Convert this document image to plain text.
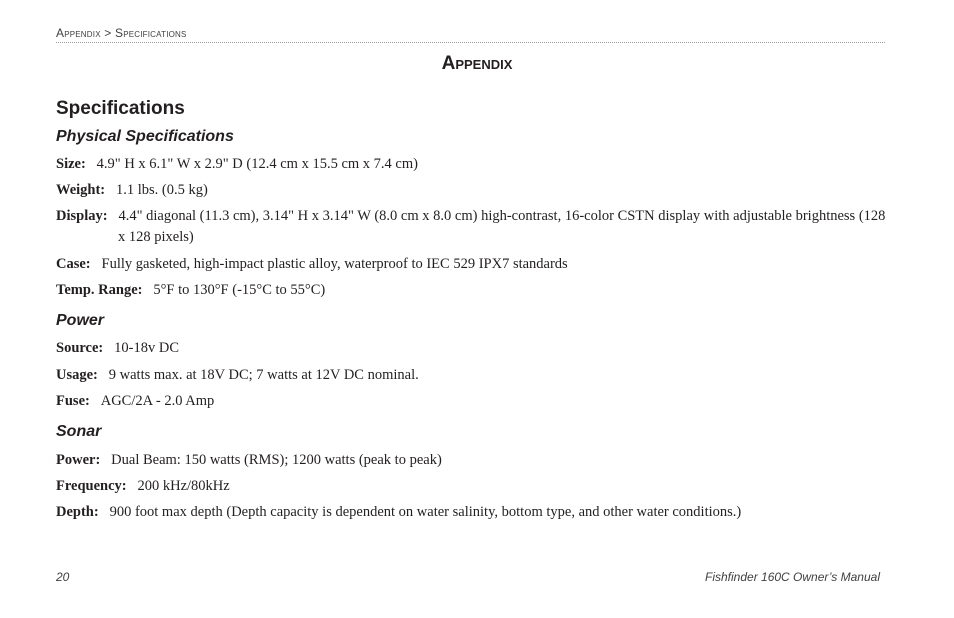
Appendix > Specifications
Appendix
Specifications
Physical Specifications
Size: 4.9" H x 6.1" W x 2.9" D (12.4 cm x 15.5 cm x 7.4 cm)
Weight: 1.1 lbs. (0.5 kg)
Display: 4.4" diagonal (11.3 cm), 3.14" H x 3.14" W (8.0 cm x 8.0 cm) high-contrast, 16-color CSTN display with adjustable brightness (128 x 128 pixels)
Case: Fully gasketed, high-impact plastic alloy, waterproof to IEC 529 IPX7 standards
Temp. Range: 5°F to 130°F (-15°C to 55°C)
Power
Source: 10-18v DC
Usage: 9 watts max. at 18V DC; 7 watts at 12V DC nominal.
Fuse: AGC/2A - 2.0 Amp
Sonar
Power: Dual Beam: 150 watts (RMS); 1200 watts (peak to peak)
Frequency: 200 kHz/80kHz
Depth: 900 foot max depth (Depth capacity is dependent on water salinity, bottom type, and other water conditions.)
20	Fishfinder 160C Owner’s Manual
